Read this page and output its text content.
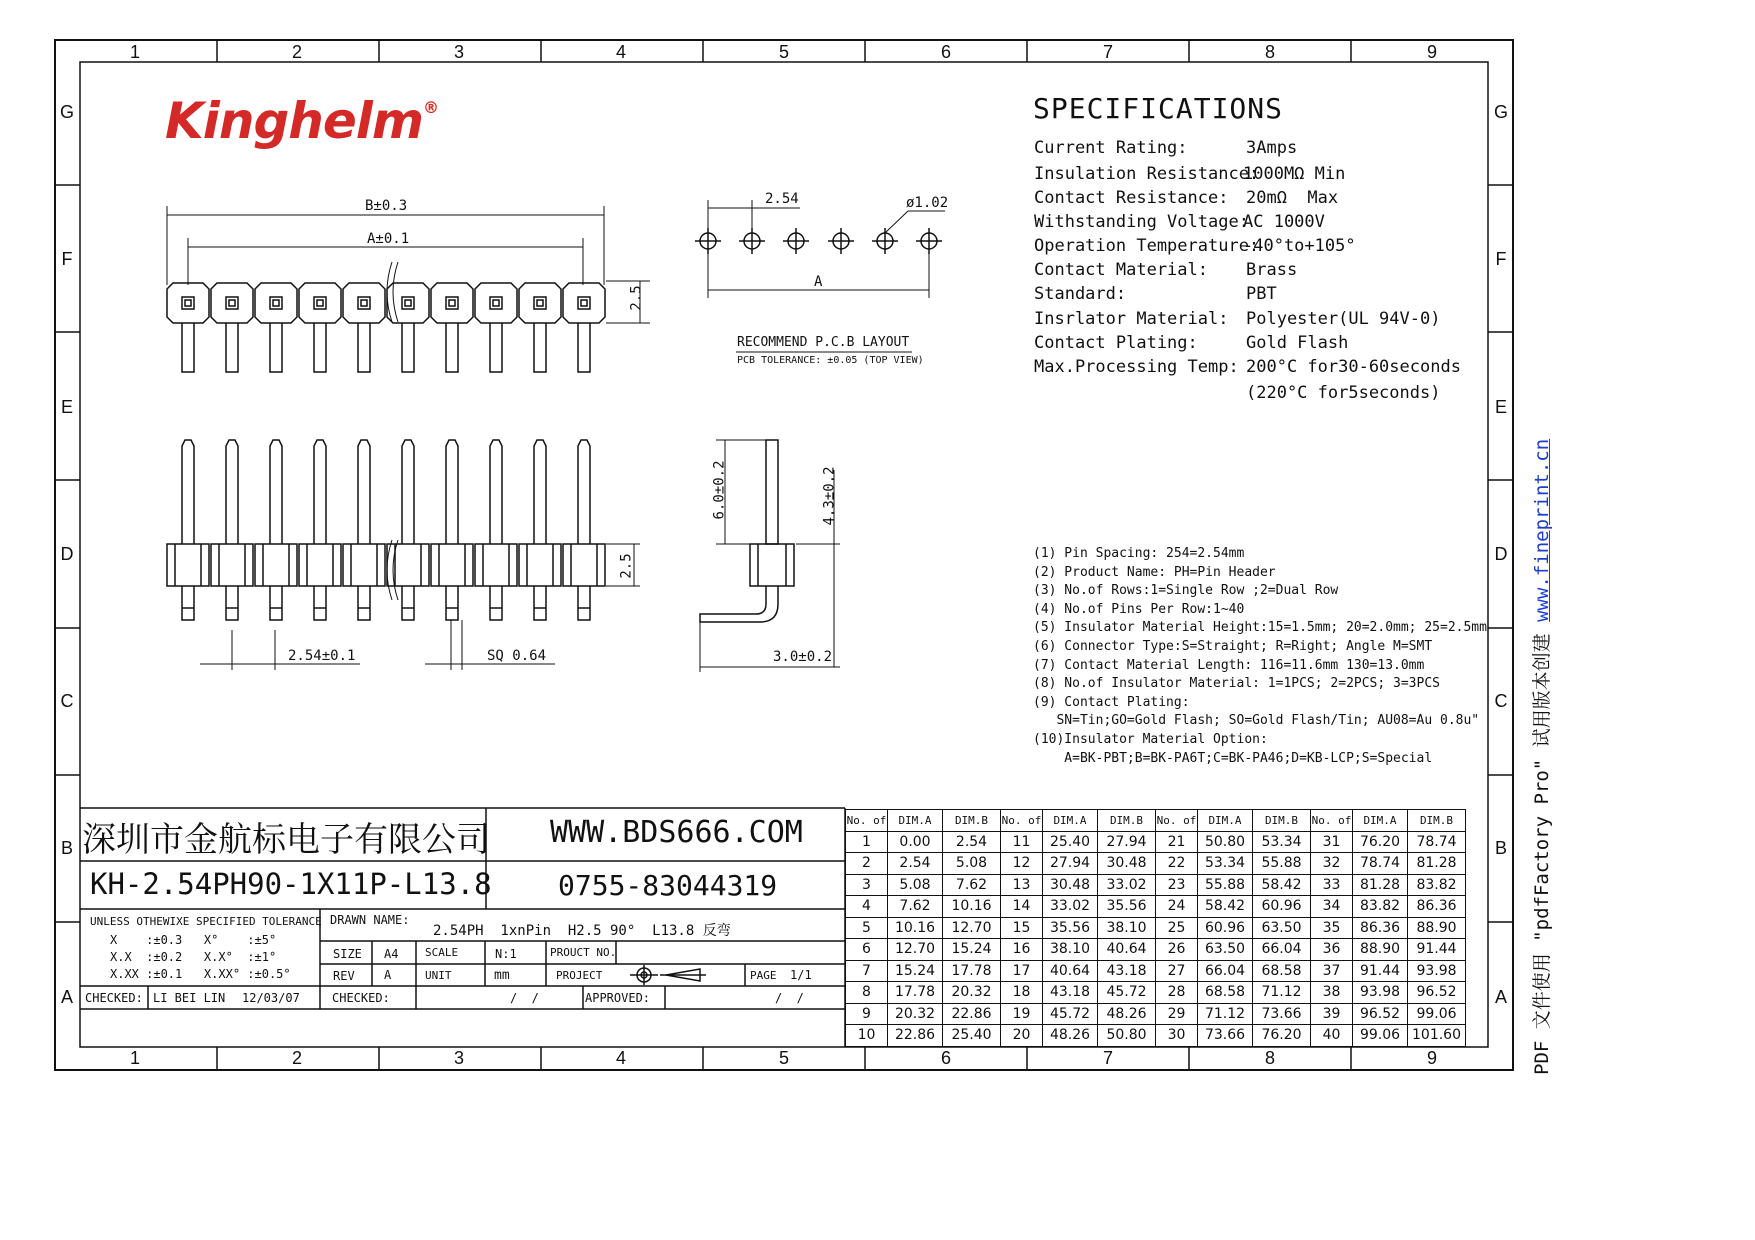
1
1
2
2
3
3
4
4
5
5
6
6
7
7
8
8
9
9
G	G
F	F
E	E
D	D
C	C
B	B
A	A
Kinghelm®
B±0.3
A±0.1
2.5
2.5
2.54±0.1	SQ 0.64
2.54	ø1.02
A
RECOMMEND P.C.B LAYOUT
PCB TOLERANCE: ±0.05 (TOP VIEW)
6.0±0.2	4.3±0.2
3.0±0.2
SPECIFICATIONS
Current Rating:	3Amps
Insulation Resistance:
1000MΩ Min
Contact Resistance: 20mΩ  Max
Withstanding Voltage:
AC 1000V
Operation Temperature:
-40°to+105°
Contact Material: Brass
Standard:	PBT
Insrlator Material: Polyester(UL 94V-0)
Contact Plating:	Gold Flash
Max.Processing Temp: 200°C for30-60seconds
(220°C for5seconds)
(1) Pin Spacing: 254=2.54mm
(2) Product Name: PH=Pin Header
(3) No.of Rows:1=Single Row ;2=Dual Row
(4) No.of Pins Per Row:1~40
(5) Insulator Material Height:15=1.5mm; 20=2.0mm; 25=2.5mm
(6) Connector Type:S=Straight; R=Right; Angle M=SMT
(7) Contact Material Length: 116=11.6mm 130=13.0mm
(8) No.of Insulator Material: 1=1PCS; 2=2PCS; 3=3PCS
(9) Contact Plating:
SN=Tin;GO=Gold Flash; SO=Gold Flash/Tin; AU08=Au 0.8u"
(10)Insulator Material Option:
A=BK-PBT;B=BK-PA6T;C=BK-PA46;D=KB-LCP;S=Special
深圳市金航标电子有限公司 WWW.BDS666.COM
KH-2.54PH90-1X11P-L13.8 0755-83044319
UNLESS OTHEWIXE SPECIFIED TOLERANCE
X    :±0.3   X°    :±5°
X.X  :±0.2   X.X°  :±1°
X.XX :±0.1   X.XX° :±0.5°
DRAWN NAME:
2.54PH  1xnPin  H2.5 90°  L13.8 反弯
SIZE A4 SCALE	N:1	PROUCT NO.
REV A	UNIT	mm	PROJECT	PAGE 1/1
CHECKED: LI BEI LIN 12/03/07	CHECKED:	/  /	APPROVED:	/  /
No. of	DIM.A	DIM.B	No. of	DIM.A	DIM.B	No. of	DIM.A	DIM.B	No. of	DIM.A	DIM.B
1	0.00	2.54	11	25.40	27.94	21	50.80	53.34	31	76.20	78.74
2	2.54	5.08	12	27.94	30.48	22	53.34	55.88	32	78.74	81.28
3	5.08	7.62	13	30.48	33.02	23	55.88	58.42	33	81.28	83.82
4	7.62	10.16	14	33.02	35.56	24	58.42	60.96	34	83.82	86.36
5	10.16	12.70	15	35.56	38.10	25	60.96	63.50	35	86.36	88.90
6	12.70	15.24	16	38.10	40.64	26	63.50	66.04	36	88.90	91.44
7	15.24	17.78	17	40.64	43.18	27	66.04	68.58	37	91.44	93.98
8	17.78	20.32	18	43.18	45.72	28	68.58	71.12	38	93.98	96.52
9	20.32	22.86	19	45.72	48.26	29	71.12	73.66	39	96.52	99.06
10	22.86	25.40	20	48.26	50.80	30	73.66	76.20	40	99.06	101.60	PDF 文件使用 "pdfFactory Pro" 试用版本创建 www.fineprint.cn
